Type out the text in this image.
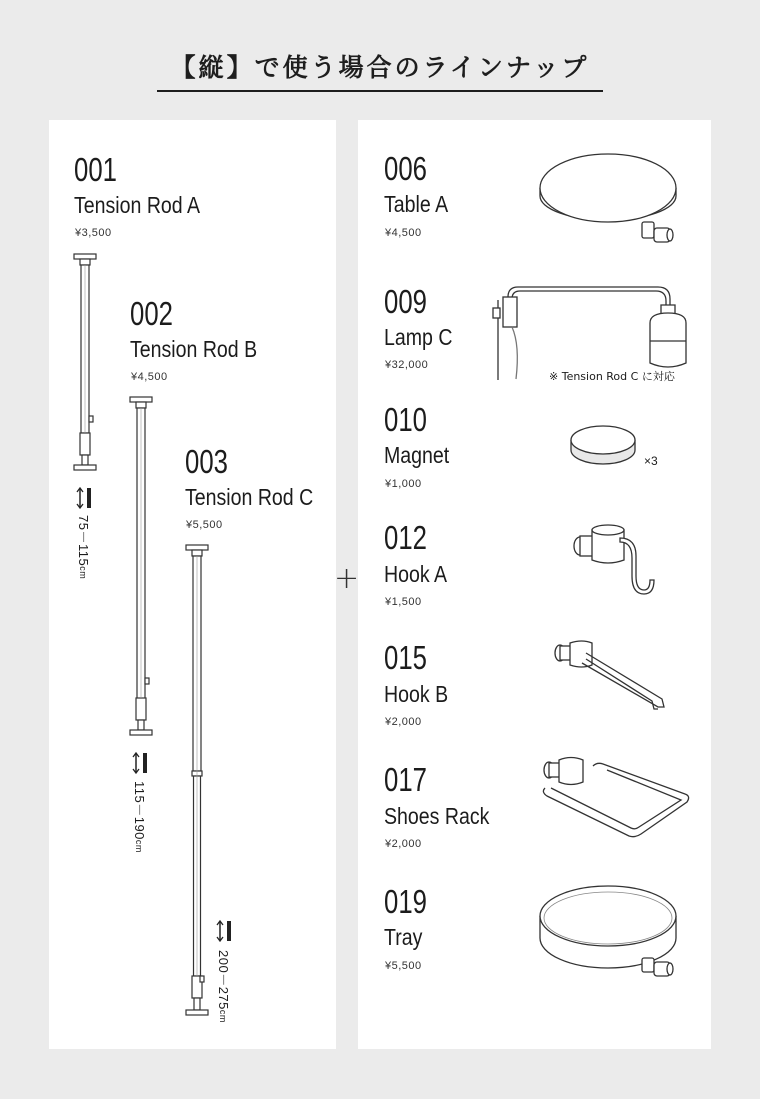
【縦】で使う場合のラインナップ
+
001
Tension Rod A
¥3,500
75－115cm
002
Tension Rod B
¥4,500
115－190cm
003
Tension Rod C
¥5,500
200－275cm
006
Table A
¥4,500
009
Lamp C
¥32,000
※ Tension Rod C に対応
010
Magnet
¥1,000
×3
012
Hook A
¥1,500
015
Hook B
¥2,000
017
Shoes Rack
¥2,000
019
Tray
¥5,500
